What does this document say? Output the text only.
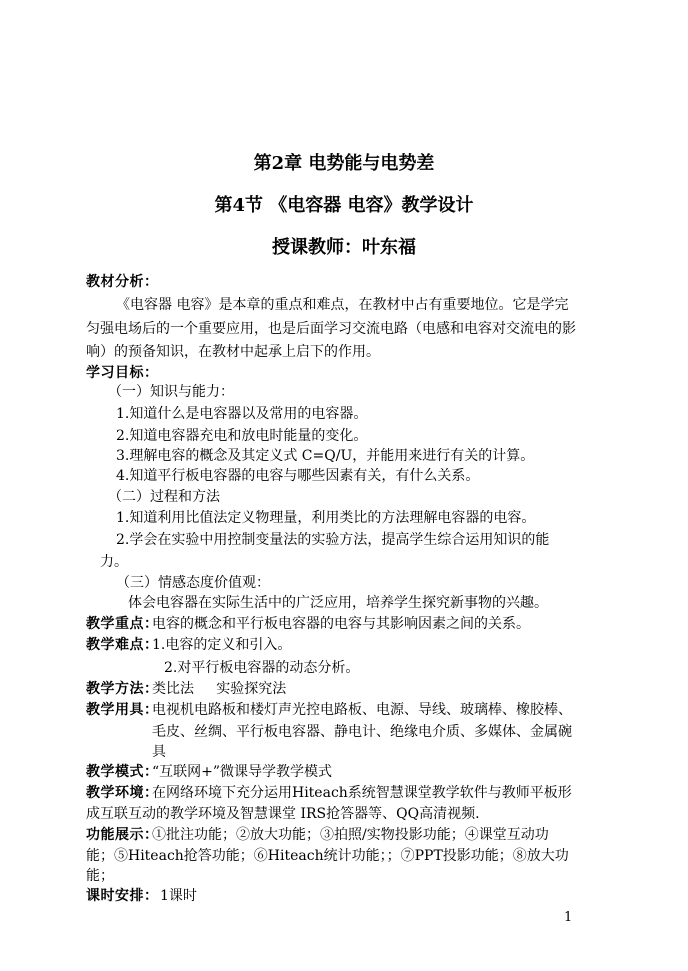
第2章 电势能与电势差
第4节 《电容器 电容》教学设计
授课教师：叶东福
教材分析：
《电容器 电容》是本章的重点和难点，在教材中占有重要地位。它是学完
匀强电场后的一个重要应用，也是后面学习交流电路（电感和电容对交流电的影
响）的预备知识，在教材中起承上启下的作用。
学习目标：
（一）知识与能力：
1.知道什么是电容器以及常用的电容器。
2.知道电容器充电和放电时能量的变化。
3.理解电容的概念及其定义式 C=Q/U，并能用来进行有关的计算。
4.知道平行板电容器的电容与哪些因素有关，有什么关系。
（二）过程和方法
1.知道利用比值法定义物理量，利用类比的方法理解电容器的电容。
2.学会在实验中用控制变量法的实验方法，提高学生综合运用知识的能
力。
（三）情感态度价值观：
体会电容器在实际生活中的广泛应用，培养学生探究新事物的兴趣。
教学重点：
电容的概念和平行板电容器的电容与其影响因素之间的关系。
教学难点：
1.电容的定义和引入。
2.对平行板电容器的动态分析。
教学方法：
类比法     实验探究法
教学用具：
电视机电路板和楼灯声光控电路板、电源、导线、玻璃棒、橡胶棒、
毛皮、丝绸、平行板电容器、静电计、绝缘电介质、多媒体、金属碗
具
教学模式：
“互联网+”微课导学教学模式
教学环境：
在网络环境下充分运用Hiteach系统智慧课堂教学软件与教师平板形
成互联互动的教学环境及智慧课堂 IRS抢答器等、QQ高清视频.
功能展示：
①批注功能；②放大功能；③拍照/实物投影功能；④课堂互动功
能；⑤Hiteach抢答功能；⑥Hiteach统计功能；；⑦PPT投影功能；⑧放大功
能；
课时安排： 1课时
1
